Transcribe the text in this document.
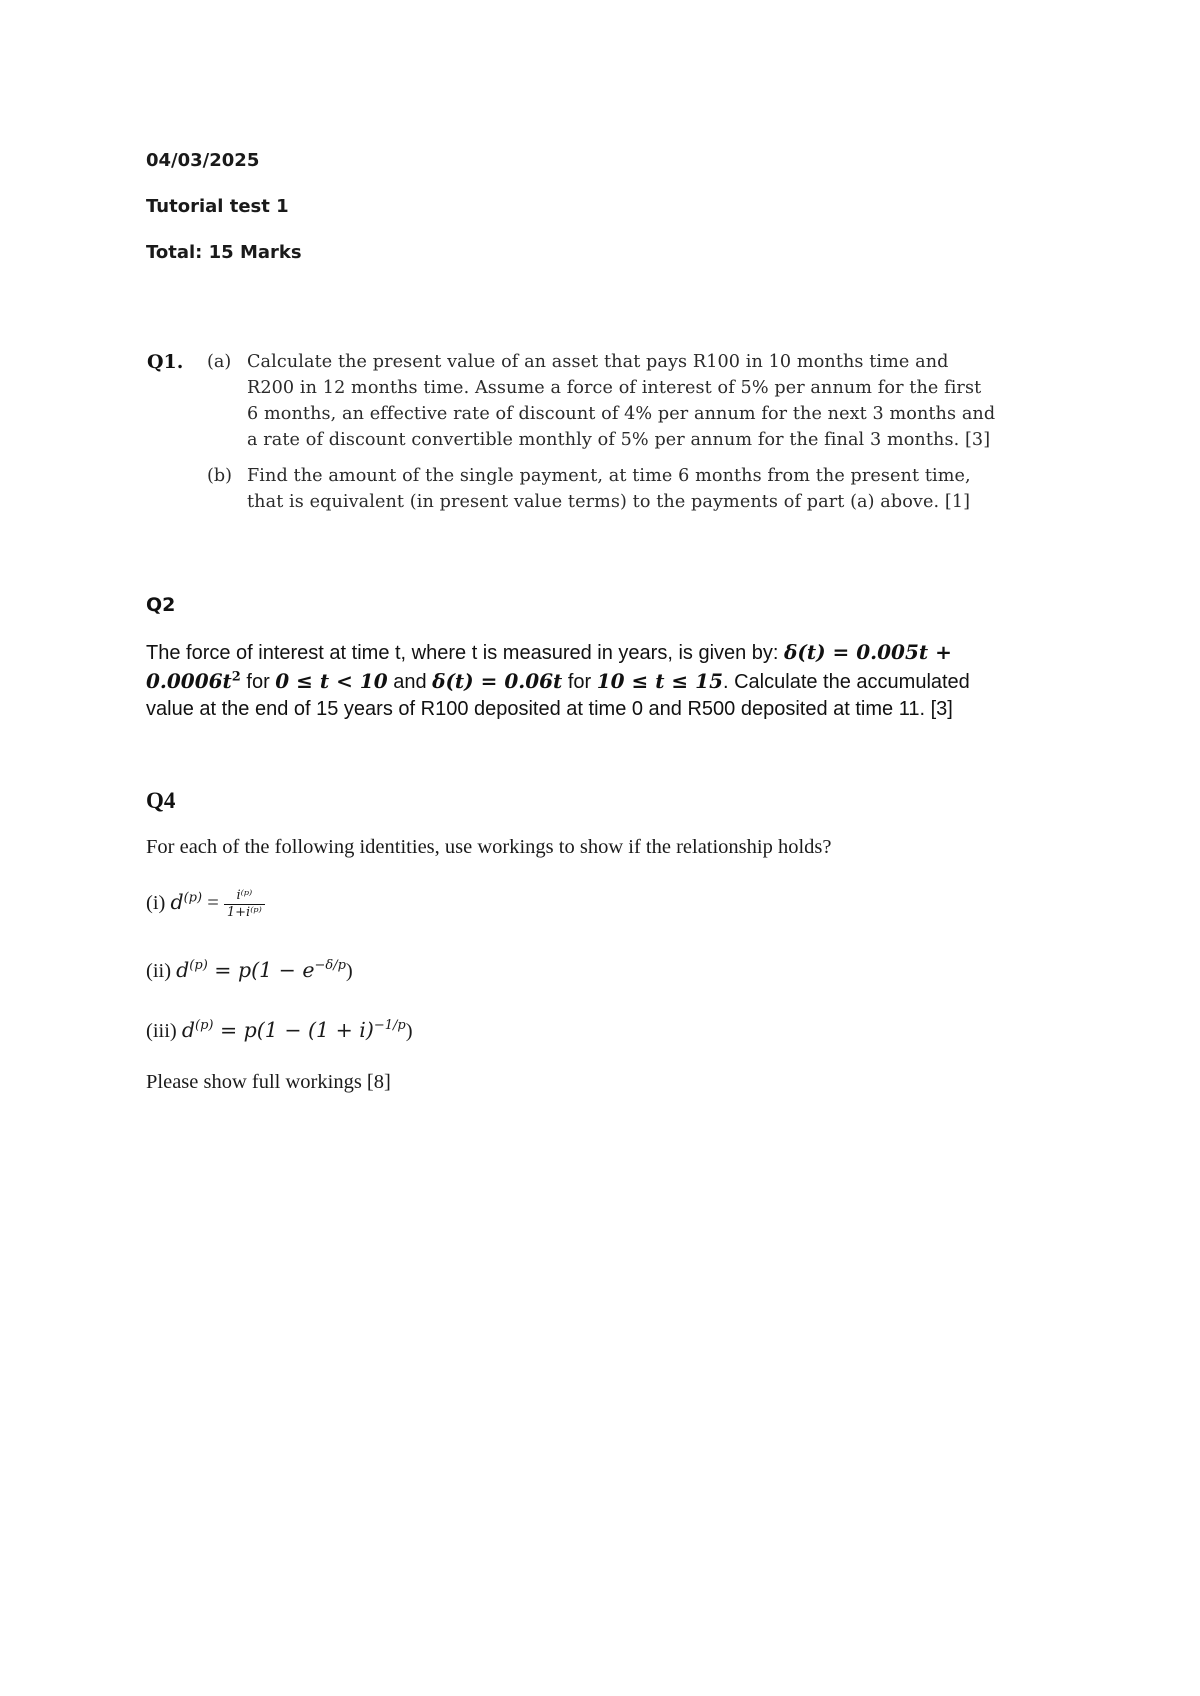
04/03/2025
Tutorial test 1
Total: 15 Marks
Q1. (a) Calculate the present value of an asset that pays R100 in 10 months time and
R200 in 12 months time. Assume a force of interest of 5% per annum for the first
6 months, an effective rate of discount of 4% per annum for the next 3 months and
a rate of discount convertible monthly of 5% per annum for the final 3 months. [3]
(b) Find the amount of the single payment, at time 6 months from the present time,
that is equivalent (in present value terms) to the payments of part (a) above. [1]
Q2
The force of interest at time t, where t is measured in years, is given by: δ(t) = 0.005t +
$0.0006t^2$ for 0 ≤ t < 10 and δ(t) = 0.06t for 10 ≤ t ≤ 15. Calculate the accumulated
value at the end of 15 years of R100 deposited at time 0 and R500 deposited at time 11. [3]
Q4
For each of the following identities, use workings to show if the relationship holds?
(i) $d^{(p)} = \frac{\text{i⁽ᵖ⁾}}{\text{1+i⁽ᵖ⁾}}$
(ii) $d^{(p)} = p(1 - e^{-\delta/p})$
(iii) $d^{(p)} = p(1 - (1 + i)^{-1/p})$
Please show full workings [8]
